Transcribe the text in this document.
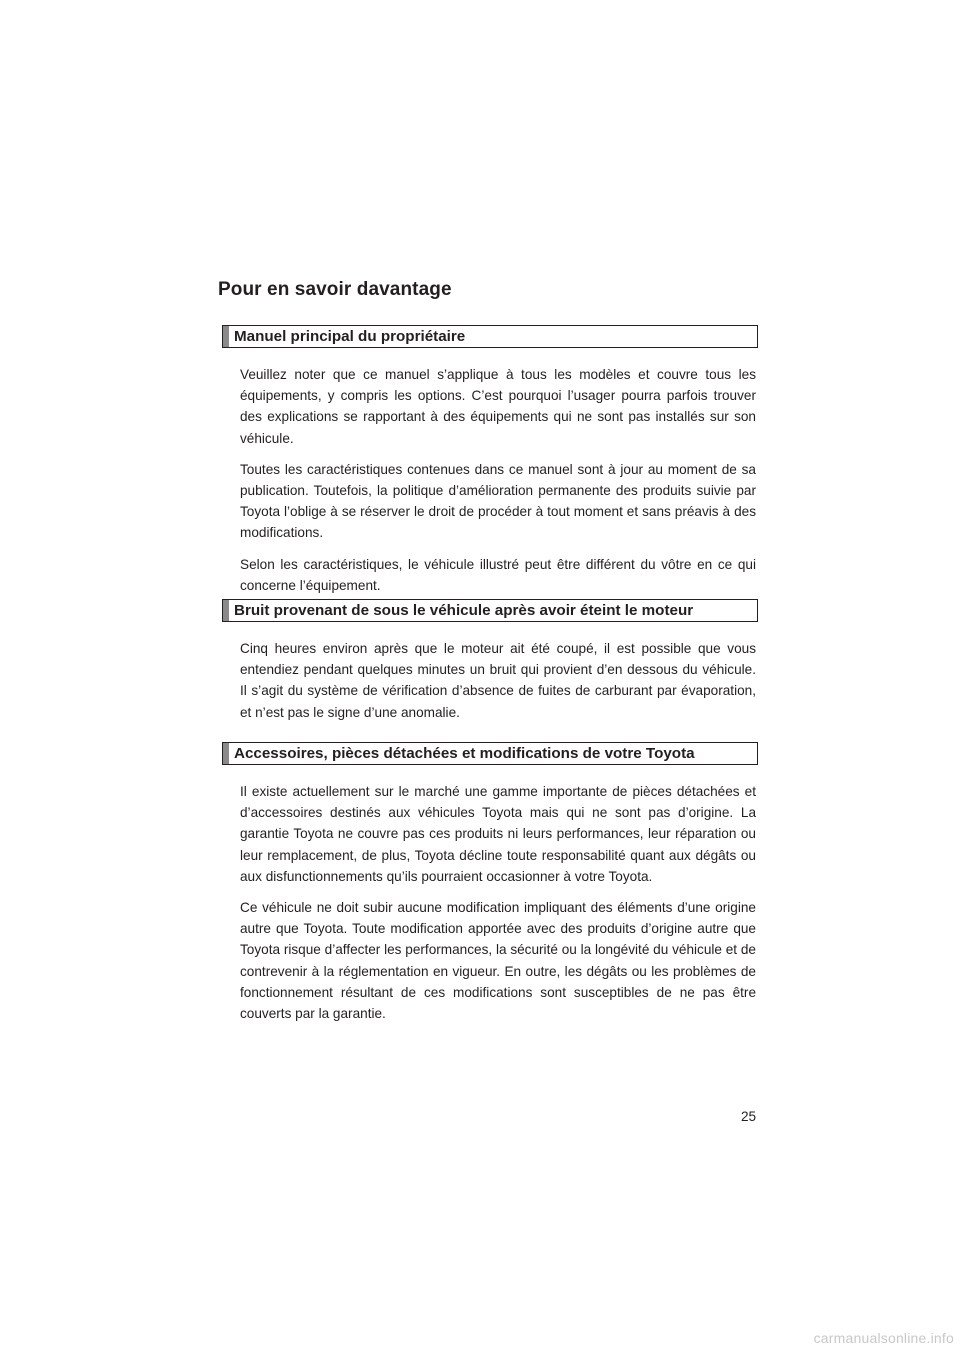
Pour en savoir davantage
Manuel principal du propriétaire

Veuillez noter que ce manuel s’applique à tous les modèles et couvre tous les équipements, y compris les options. C’est pourquoi l’usager pourra parfois trouver des explications se rapportant à des équipements qui ne sont pas installés sur son véhicule.

Toutes les caractéristiques contenues dans ce manuel sont à jour au moment de sa publication. Toutefois, la politique d’amélioration permanente des produits suivie par Toyota l’oblige à se réserver le droit de procéder à tout moment et sans préavis à des modifications.

Selon les caractéristiques, le véhicule illustré peut être différent du vôtre en ce qui concerne l’équipement.

Bruit provenant de sous le véhicule après avoir éteint le moteur

Cinq heures environ après que le moteur ait été coupé, il est possible que vous entendiez pendant quelques minutes un bruit qui provient d’en dessous du véhicule. Il s’agit du système de vérification d’absence de fuites de carburant par évaporation, et n’est pas le signe d’une anomalie.

Accessoires, pièces détachées et modifications de votre Toyota

Il existe actuellement sur le marché une gamme importante de pièces détachées et d’accessoires destinés aux véhicules Toyota mais qui ne sont pas d’origine. La garantie Toyota ne couvre pas ces produits ni leurs performances, leur réparation ou leur remplacement, de plus, Toyota décline toute responsabilité quant aux dégâts ou aux disfunctionnements qu’ils pourraient occasionner à votre Toyota.

Ce véhicule ne doit subir aucune modification impliquant des éléments d’une origine autre que Toyota. Toute modification apportée avec des produits d’origine autre que Toyota risque d’affecter les performances, la sécurité ou la longévité du véhicule et de contrevenir à la réglementation en vigueur. En outre, les dégâts ou les problèmes de fonctionnement résultant de ces modifications sont susceptibles de ne pas être couverts par la garantie.

25
carmanualsonline.info
